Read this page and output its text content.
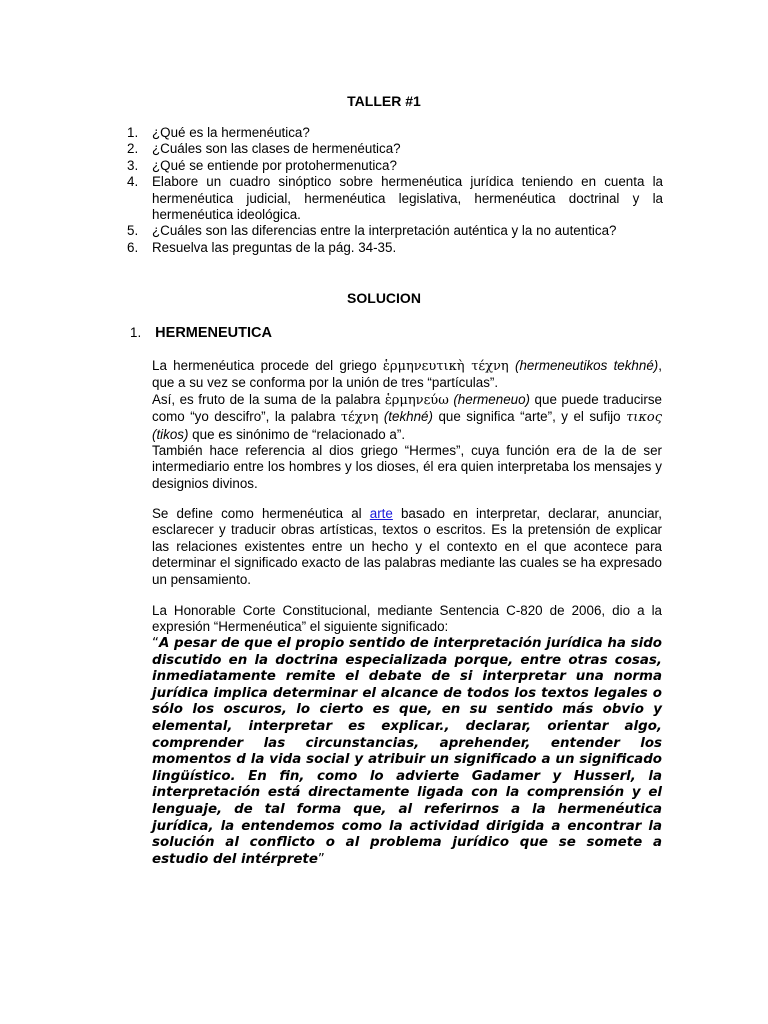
TALLER #1
1. ¿Qué es la hermenéutica?
2. ¿Cuáles son las clases de hermenéutica?
3. ¿Qué se entiende por protohermenutica?
4. Elabore un cuadro sinóptico sobre hermenéutica jurídica teniendo en cuenta la hermenéutica judicial, hermenéutica legislativa, hermenéutica doctrinal y la hermenéutica ideológica.
5. ¿Cuáles son las diferencias entre la interpretación auténtica y la no autentica?
6. Resuelva las preguntas de la pág. 34-35.
SOLUCION
1. HERMENEUTICA

La hermenéutica procede del griego ἑρμηνευτικὴ τέχνη (hermeneutikos tekhné), que a su vez se conforma por la unión de tres “partículas”.
Así, es fruto de la suma de la palabra ἑρμηνεύω (hermeneuo) que puede traducirse como “yo descifro”, la palabra τέχνη (tekhné) que significa “arte”, y el sufijo τικος (tikos) que es sinónimo de “relacionado a”.
También hace referencia al dios griego “Hermes”, cuya función era de la de ser intermediario entre los hombres y los dioses, él era quien interpretaba los mensajes y designios divinos.

Se define como hermenéutica al arte basado en interpretar, declarar, anunciar, esclarecer y traducir obras artísticas, textos o escritos. Es la pretensión de explicar las relaciones existentes entre un hecho y el contexto en el que acontece para determinar el significado exacto de las palabras mediante las cuales se ha expresado un pensamiento.

La Honorable Corte Constitucional, mediante Sentencia C-820 de 2006, dio a la expresión “Hermenéutica” el siguiente significado:

“A pesar de que el propio sentido de interpretación jurídica ha sido discutido en la doctrina especializada porque, entre otras cosas, inmediatamente remite el debate de si interpretar una norma jurídica implica determinar el alcance de todos los textos legales o sólo los oscuros, lo cierto es que, en su sentido más obvio y elemental, interpretar es explicar., declarar, orientar algo, comprender las circunstancias, aprehender, entender los momentos d la vida social y atribuir un significado a un significado lingüístico. En fin, como lo advierte Gadamer y Husserl, la interpretación está directamente ligada con la comprensión y el lenguaje, de tal forma que, al referirnos a la hermenéutica jurídica, la entendemos como la actividad dirigida a encontrar la solución al conflicto o al problema jurídico que se somete a estudio del intérprete”
